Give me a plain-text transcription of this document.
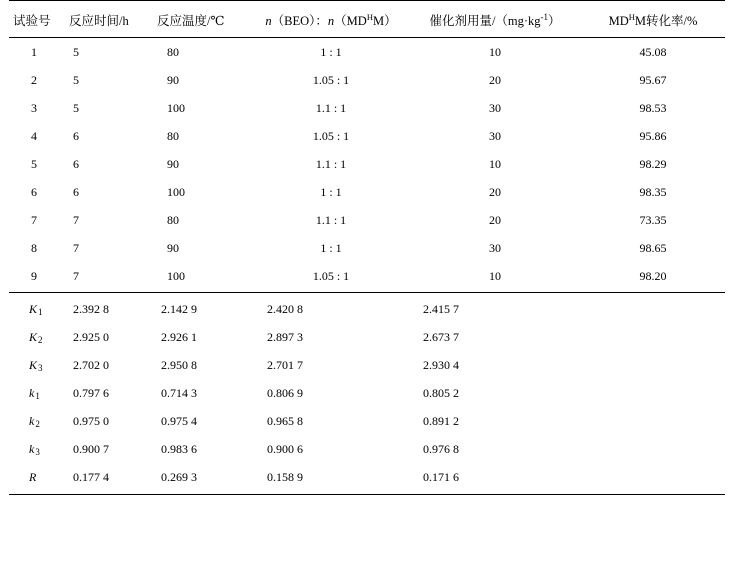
试验号	反应时间/h	反应温度/℃	n（BEO）：$n(MD^HM)$	催化剂用量$/(mg\cdot kg^{-1})$	$MD^HM$转化率/%
1	5	80	1 : 1	10	45.08
2	5	90	1.05 : 1	20	95.67
3	5	100	1.1 : 1	30	98.53
4	6	80	1.05 : 1	30	95.86
5	6	90	1.1 : 1	10	98.29
6	6	100	1 : 1	20	98.35
7	7	80	1.1 : 1	20	73.35
8	7	90	1 : 1	30	98.65
9	7	100	1.05 : 1	10	98.20
$K_1$	2.392 8	2.142 9	2.420 8	2.415 7	
$K_2$	2.925 0	2.926 1	2.897 3	2.673 7	
$K_3$	2.702 0	2.950 8	2.701 7	2.930 4	
$k_1$	0.797 6	0.714 3	0.806 9	0.805 2	
$k_2$	0.975 0	0.975 4	0.965 8	0.891 2	
$k_3$	0.900 7	0.983 6	0.900 6	0.976 8	
R	0.177 4	0.269 3	0.158 9	0.171 6	
